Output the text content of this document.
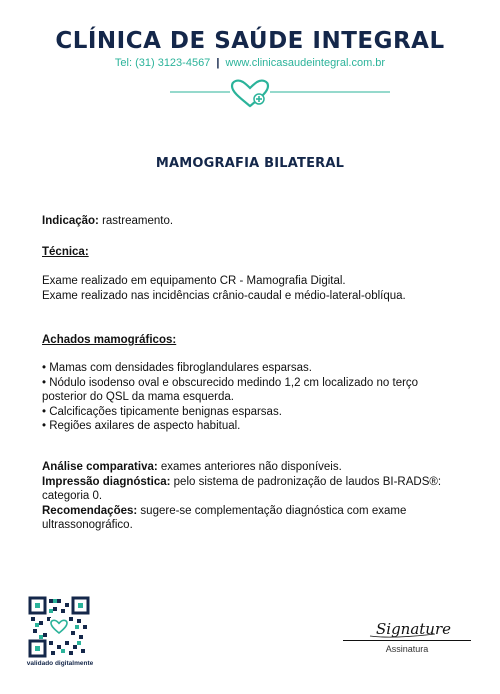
CLÍNICA DE SAÚDE INTEGRAL
Tel: (31) 3123-4567 | www.clinicasaudeintegral.com.br
MAMOGRAFIA BILATERAL
Indicação: rastreamento.
Técnica:
Exame realizado em equipamento CR - Mamografia Digital.
Exame realizado nas incidências crânio-caudal e médio-lateral-oblíqua.
Achados mamográficos:
• Mamas com densidades fibroglandulares esparsas.
• Nódulo isodenso oval e obscurecido medindo 1,2 cm localizado no terço posterior do QSL da mama esquerda.
• Calcificações tipicamente benignas esparsas.
• Regiões axilares de aspecto habitual.
Análise comparativa: exames anteriores não disponíveis.
Impressão diagnóstica: pelo sistema de padronização de laudos BI-RADS®: categoria 0.
Recomendações: sugere-se complementação diagnóstica com exame ultrassonográfico.
validado digitalmente
Signature
Assinatura
